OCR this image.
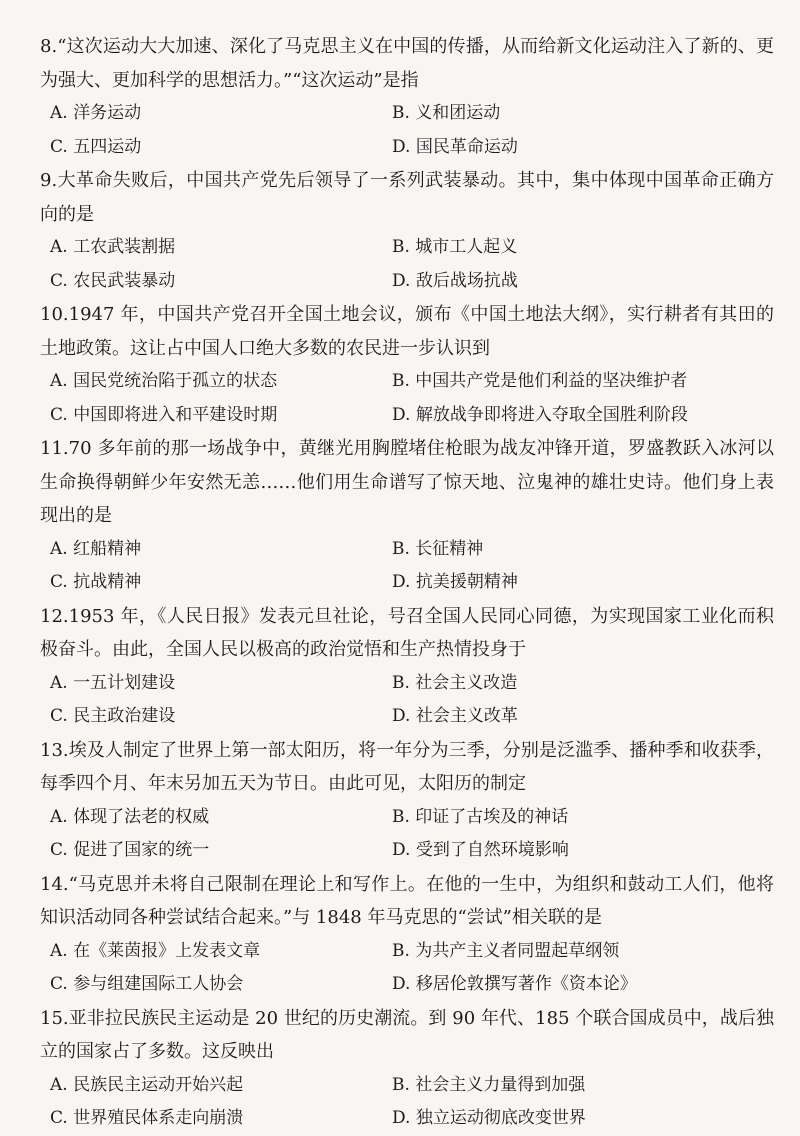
8.“这次运动大大加速、深化了马克思主义在中国的传播，从而给新文化运动注入了新的、更为强大、更加科学的思想活力。”“这次运动”是指

A. 洋务运动	B. 义和团运动
C. 五四运动	D. 国民革命运动

9.大革命失败后，中国共产党先后领导了一系列武装暴动。其中，集中体现中国革命正确方向的是

A. 工农武装割据	B. 城市工人起义
C. 农民武装暴动	D. 敌后战场抗战

10.1947 年，中国共产党召开全国土地会议，颁布《中国土地法大纲》，实行耕者有其田的土地政策。这让占中国人口绝大多数的农民进一步认识到

A. 国民党统治陷于孤立的状态	B. 中国共产党是他们利益的坚决维护者
C. 中国即将进入和平建设时期	D. 解放战争即将进入夺取全国胜利阶段

11.70 多年前的那一场战争中，黄继光用胸膛堵住枪眼为战友冲锋开道，罗盛教跃入冰河以生命换得朝鲜少年安然无恙……他们用生命谱写了惊天地、泣鬼神的雄壮史诗。他们身上表现出的是

A. 红船精神	B. 长征精神
C. 抗战精神	D. 抗美援朝精神

12.1953 年，《人民日报》发表元旦社论，号召全国人民同心同德，为实现国家工业化而积极奋斗。由此，全国人民以极高的政治觉悟和生产热情投身于

A. 一五计划建设	B. 社会主义改造
C. 民主政治建设	D. 社会主义改革

13.埃及人制定了世界上第一部太阳历，将一年分为三季，分别是泛滥季、播种季和收获季，每季四个月、年末另加五天为节日。由此可见，太阳历的制定

A. 体现了法老的权威	B. 印证了古埃及的神话
C. 促进了国家的统一	D. 受到了自然环境影响

14.“马克思并未将自己限制在理论上和写作上。在他的一生中，为组织和鼓动工人们，他将知识活动同各种尝试结合起来。”与 1848 年马克思的“尝试”相关联的是

A. 在《莱茵报》上发表文章	B. 为共产主义者同盟起草纲领
C. 参与组建国际工人协会	D. 移居伦敦撰写著作《资本论》

15.亚非拉民族民主运动是 20 世纪的历史潮流。到 90 年代、185 个联合国成员中，战后独立的国家占了多数。这反映出

A. 民族民主运动开始兴起	B. 社会主义力量得到加强
C. 世界殖民体系走向崩溃	D. 独立运动彻底改变世界
